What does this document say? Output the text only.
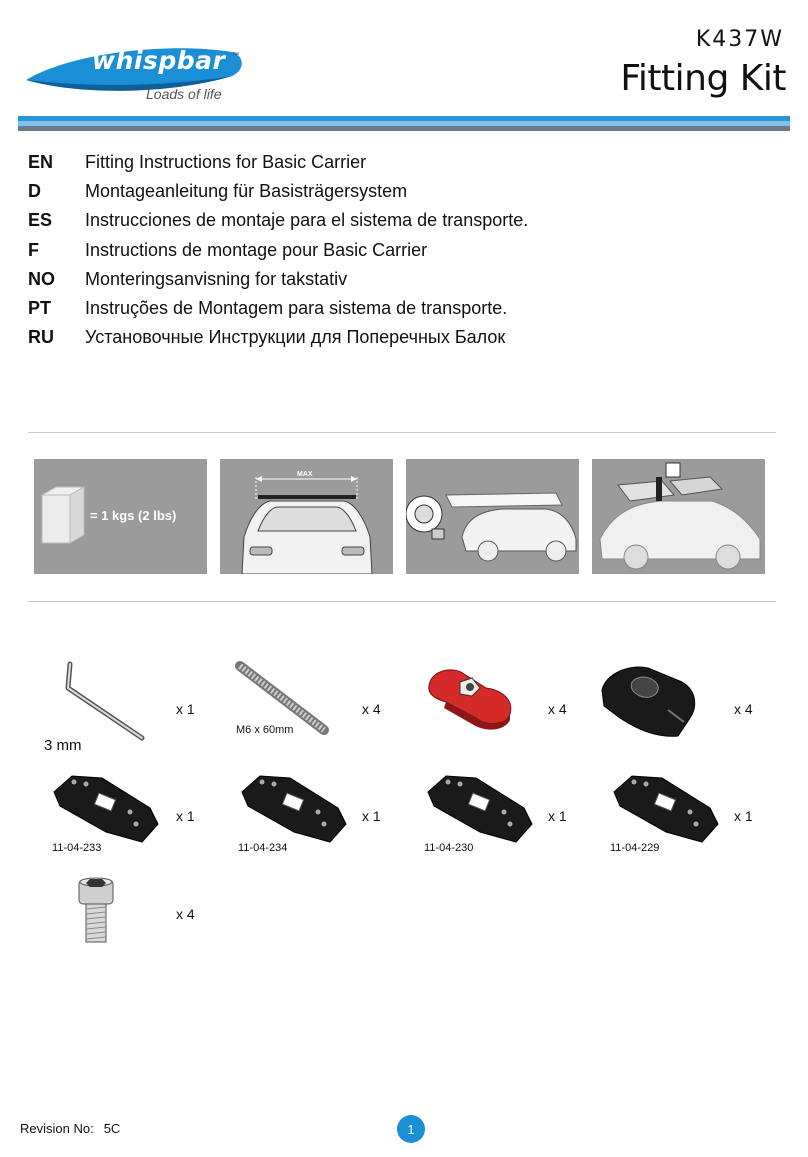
whispbar ™
Loads of life
K437W
Fitting Kit
EN	Fitting Instructions for Basic Carrier
D	Montageanleitung für Basisträgersystem
ES	Instrucciones de montaje para el sistema de transporte.
F	Instructions de montage pour Basic Carrier
NO	Monteringsanvisning for takstativ
PT	Instruções de Montagem para sistema de transporte.
RU	Установочные Инструкции для Поперечных Балок
= 1 kgs (2 lbs)
MAX
x 1
3 mm
x 4
M6 x 60mm
x 4	x 4
x 1
11-04-233
x 1
11-04-234
x 1
11-04-230
x 1
11-04-229
x 4
Revision No: 5C	1
